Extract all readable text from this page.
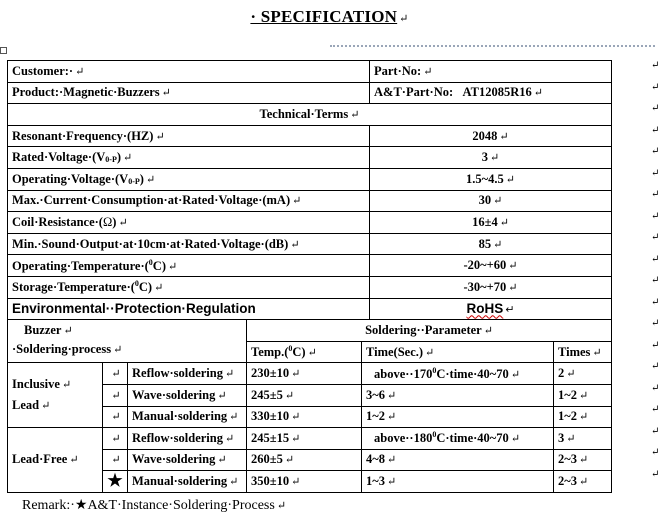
· SPECIFICATION ↵
Customer:· ↵					Part·No: ↵	
Product:·Magnetic·Buzzers ↵					A&T·Part·No: AT12085R16 ↵	
Technical·Terms ↵						
Resonant·Frequency·(HZ) ↵					2048 ↵	
Rated·Voltage·(V0-P) ↵					3 ↵	
Operating·Voltage·(V0-P) ↵					1.5~4.5 ↵	
Max.·Current·Consumption·at·Rated·Voltage·(mA) ↵					30 ↵	
Coil·Resistance·(Ω) ↵					16±4 ↵	
Min.·Sound·Output·at·10cm·at·Rated·Voltage·(dB) ↵					85 ↵	
Operating·Temperature·($^0$C) ↵					-20~+60 ↵	
Storage·Temperature·($^0$C) ↵					-30~+70 ↵	
Environmental··Protection·Regulation					RoHS ↵	

Buzzer ↵
·Soldering·process ↵			Soldering··Parameter ↵			
			Temp.($^0$C) ↵	Time(Sec.) ↵		Times ↵

Inclusive ↵
Lead ↵	↵	Reflow·soldering ↵	230±10 ↵	$above\cdot\cdot 170^0C\cdot time\cdot 40\sim 70$ ↵		2 ↵
	↵	Wave·soldering ↵	245±5 ↵	3~6 ↵		1~2 ↵
	↵	Manual·soldering ↵	330±10 ↵	1~2 ↵		1~2 ↵
Lead·Free ↵	↵	Reflow·soldering ↵	245±15 ↵	$above\cdot\cdot 180^0C\cdot time\cdot 40\sim 70$ ↵		3 ↵
	↵	Wave·soldering ↵	260±5 ↵	4~8 ↵		2~3 ↵
	★	Manual·soldering ↵	350±10 ↵	1~3 ↵		2~3 ↵
↵
↵
↵
↵
↵
↵
↵
↵
↵
↵
↵
↵
↵
↵
↵
↵
↵
↵
↵
↵
Remark:·★A&T·Instance·Soldering·Process ↵
